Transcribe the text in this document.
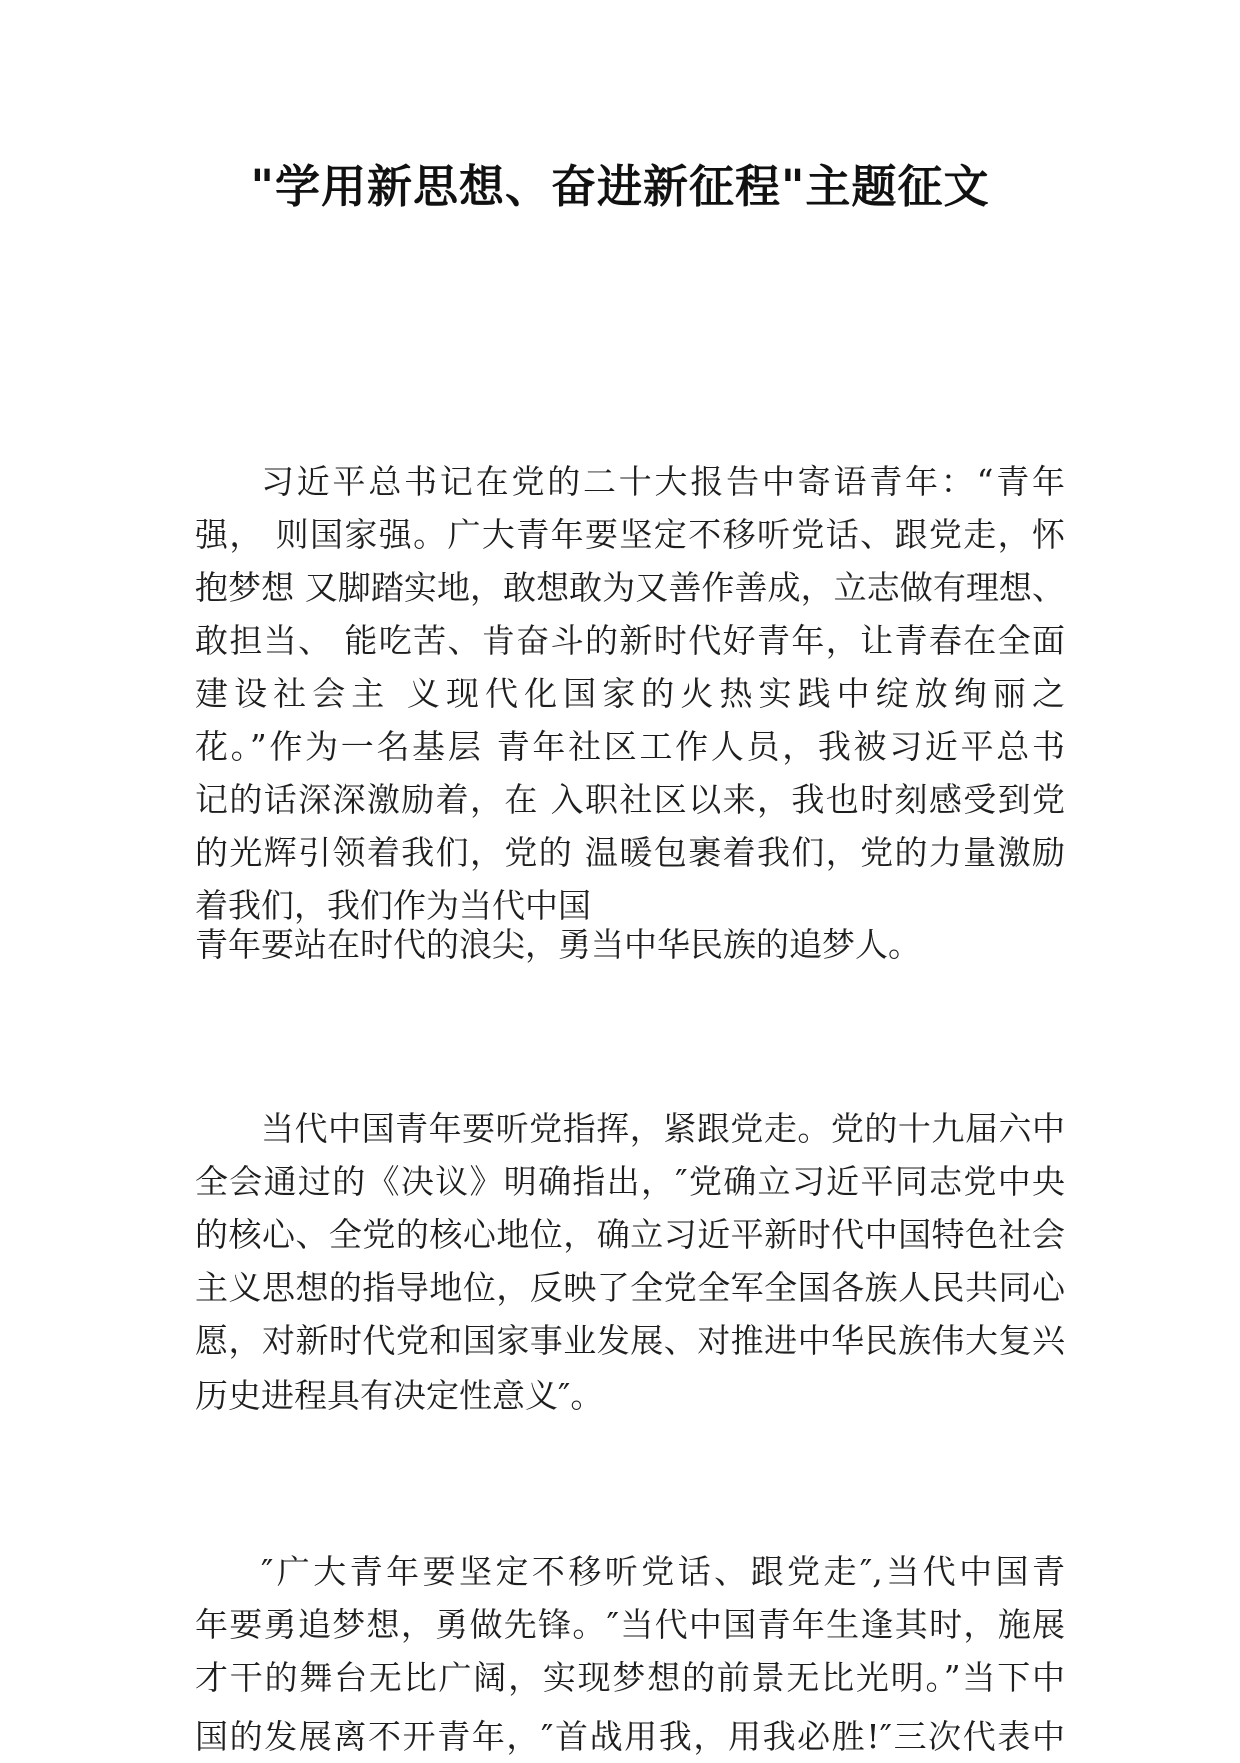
"学用新思想、奋进新征程"主题征文
习近平总书记在党的二十大报告中寄语青年：“青年
强， 则国家强。广大青年要坚定不移听党话、跟党走，怀
抱梦想 又脚踏实地，敢想敢为又善作善成，立志做有理想、
敢担当、 能吃苦、肯奋斗的新时代好青年，让青春在全面
建设社会主 义现代化国家的火热实践中绽放绚丽之
花。”作为一名基层 青年社区工作人员，我被习近平总书
记的话深深激励着，在 入职社区以来，我也时刻感受到党
的光辉引领着我们，党的 温暖包裹着我们，党的力量激励
着我们，我们作为当代中国
青年要站在时代的浪尖，勇当中华民族的追梦人。
当代中国青年要听党指挥，紧跟党走。党的十九届六中
全会通过的《决议》明确指出，″党确立习近平同志党中央
的核心、全党的核心地位，确立习近平新时代中国特色社会
主义思想的指导地位，反映了全党全军全国各族人民共同心
愿，对新时代党和国家事业发展、对推进中华民族伟大复兴
历史进程具有决定性意义″。
″广大青年要坚定不移听党话、跟党走″,当代中国青
年要勇追梦想，勇做先锋。″当代中国青年生逢其时，施展
才干的舞台无比广阔，实现梦想的前景无比光明。”当下中
国的发展离不开青年，″首战用我，用我必胜!″三次代表中
